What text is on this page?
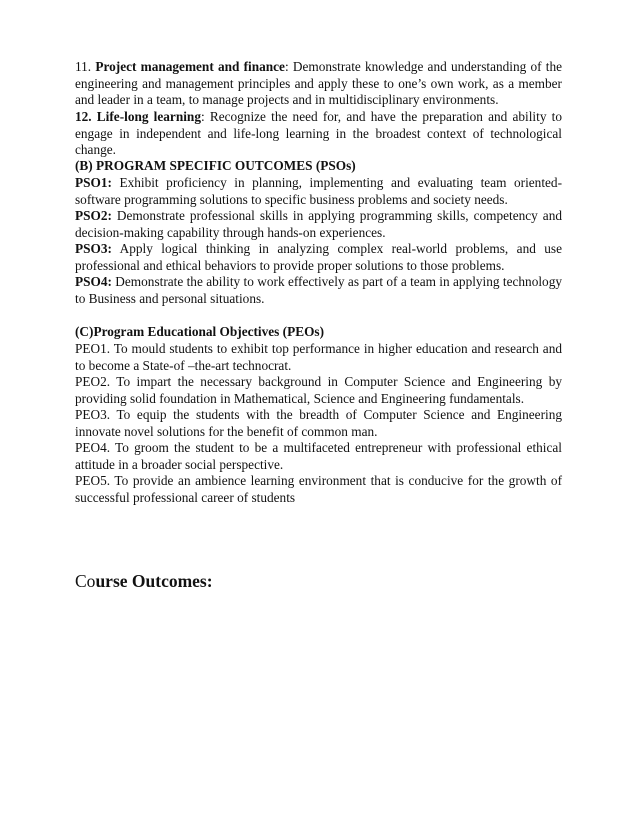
11. Project management and finance: Demonstrate knowledge and understanding of the engineering and management principles and apply these to one’s own work, as a member and leader in a team, to manage projects and in multidisciplinary environments.

12. Life-long learning: Recognize the need for, and have the preparation and ability to engage in independent and life-long learning in the broadest context of technological change.

(B) PROGRAM SPECIFIC OUTCOMES (PSOs)

PSO1: Exhibit proficiency in planning, implementing and evaluating team oriented-software programming solutions to specific business problems and society needs.

PSO2: Demonstrate professional skills in applying programming skills, competency and decision-making capability through hands-on experiences.

PSO3: Apply logical thinking in analyzing complex real-world problems, and use professional and ethical behaviors to provide proper solutions to those problems.

PSO4: Demonstrate the ability to work effectively as part of a team in applying technology to Business and personal situations.

(C)Program Educational Objectives (PEOs)

PEO1. To mould students to exhibit top performance in higher education and research and to become a State-of –the-art technocrat.

PEO2. To impart the necessary background in Computer Science and Engineering by providing solid foundation in Mathematical, Science and Engineering fundamentals.

PEO3. To equip the students with the breadth of Computer Science and Engineering innovate novel solutions for the benefit of common man.

PEO4. To groom the student to be a multifaceted entrepreneur with professional ethical attitude in a broader social perspective.

PEO5. To provide an ambience learning environment that is conducive for the growth of successful professional career of students

Course Outcomes:
